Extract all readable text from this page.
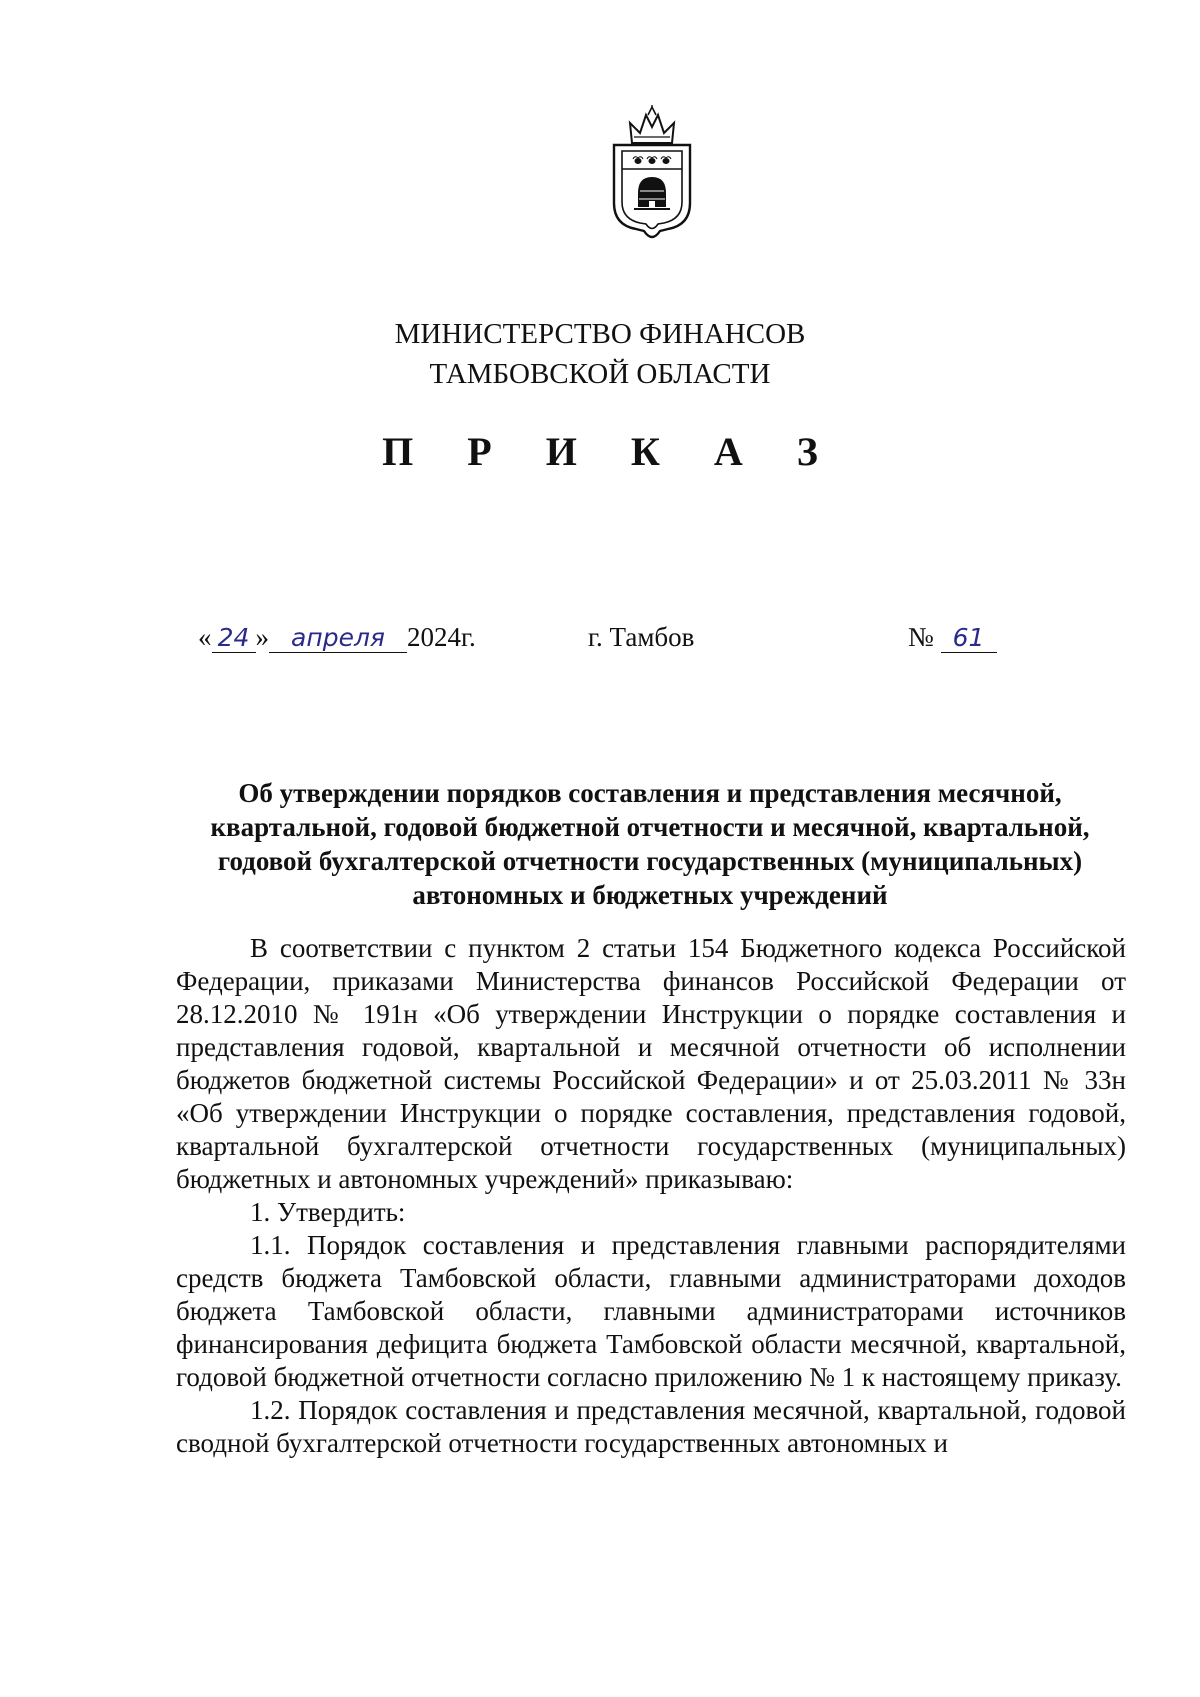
МИНИСТЕРСТВО ФИНАНСОВ
ТАМБОВСКОЙ ОБЛАСТИ
П Р И К А З
« 24 » апреля 2024г.	г. Тамбов	№ 61
Об утверждении порядков составления и представления месячной, квартальной, годовой бюджетной отчетности и месячной, квартальной, годовой бухгалтерской отчетности государственных (муниципальных) автономных и бюджетных учреждений

В соответствии с пунктом 2 статьи 154 Бюджетного кодекса Российской Федерации, приказами Министерства финансов Российской Федерации от 28.12.2010 № 191н «Об утверждении Инструкции о порядке составления и представления годовой, квартальной и месячной отчетности об исполнении бюджетов бюджетной системы Российской Федерации» и от 25.03.2011 № 33н «Об утверждении Инструкции о порядке составления, представления годовой, квартальной бухгалтерской отчетности государственных (муниципальных) бюджетных и автономных учреждений» приказываю:

1. Утвердить:

1.1. Порядок составления и представления главными распорядителями средств бюджета Тамбовской области, главными администраторами доходов бюджета Тамбовской области, главными администраторами источников финансирования дефицита бюджета Тамбовской области месячной, квартальной, годовой бюджетной отчетности согласно приложению № 1 к настоящему приказу.

1.2. Порядок составления и представления месячной, квартальной, годовой сводной бухгалтерской отчетности государственных автономных и
